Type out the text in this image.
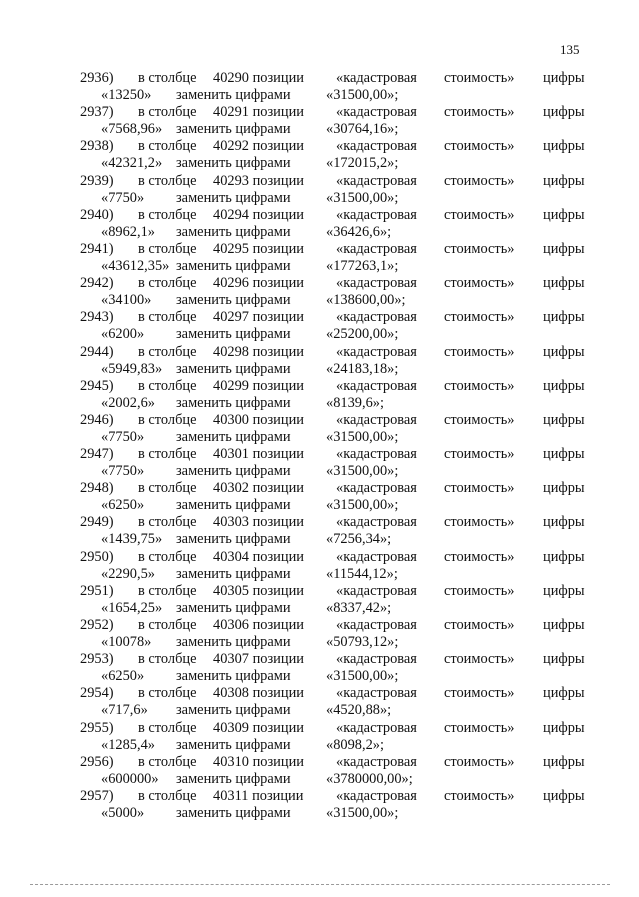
135
2936) в столбце 40290 позиции «кадастровая стоимость» цифры
«13250» заменить цифрами «31500,00»;
2937) в столбце 40291 позиции «кадастровая стоимость» цифры
«7568,96» заменить цифрами «30764,16»;
2938) в столбце 40292 позиции «кадастровая стоимость» цифры
«42321,2» заменить цифрами «172015,2»;
2939) в столбце 40293 позиции «кадастровая стоимость» цифры
«7750» заменить цифрами «31500,00»;
2940) в столбце 40294 позиции «кадастровая стоимость» цифры
«8962,1» заменить цифрами «36426,6»;
2941) в столбце 40295 позиции «кадастровая стоимость» цифры
«43612,35» заменить цифрами «177263,1»;
2942) в столбце 40296 позиции «кадастровая стоимость» цифры
«34100» заменить цифрами «138600,00»;
2943) в столбце 40297 позиции «кадастровая стоимость» цифры
«6200» заменить цифрами «25200,00»;
2944) в столбце 40298 позиции «кадастровая стоимость» цифры
«5949,83» заменить цифрами «24183,18»;
2945) в столбце 40299 позиции «кадастровая стоимость» цифры
«2002,6» заменить цифрами «8139,6»;
2946) в столбце 40300 позиции «кадастровая стоимость» цифры
«7750» заменить цифрами «31500,00»;
2947) в столбце 40301 позиции «кадастровая стоимость» цифры
«7750» заменить цифрами «31500,00»;
2948) в столбце 40302 позиции «кадастровая стоимость» цифры
«6250» заменить цифрами «31500,00»;
2949) в столбце 40303 позиции «кадастровая стоимость» цифры
«1439,75» заменить цифрами «7256,34»;
2950) в столбце 40304 позиции «кадастровая стоимость» цифры
«2290,5» заменить цифрами «11544,12»;
2951) в столбце 40305 позиции «кадастровая стоимость» цифры
«1654,25» заменить цифрами «8337,42»;
2952) в столбце 40306 позиции «кадастровая стоимость» цифры
«10078» заменить цифрами «50793,12»;
2953) в столбце 40307 позиции «кадастровая стоимость» цифры
«6250» заменить цифрами «31500,00»;
2954) в столбце 40308 позиции «кадастровая стоимость» цифры
«717,6» заменить цифрами «4520,88»;
2955) в столбце 40309 позиции «кадастровая стоимость» цифры
«1285,4» заменить цифрами «8098,2»;
2956) в столбце 40310 позиции «кадастровая стоимость» цифры
«600000» заменить цифрами «3780000,00»;
2957) в столбце 40311 позиции «кадастровая стоимость» цифры
«5000» заменить цифрами «31500,00»;
